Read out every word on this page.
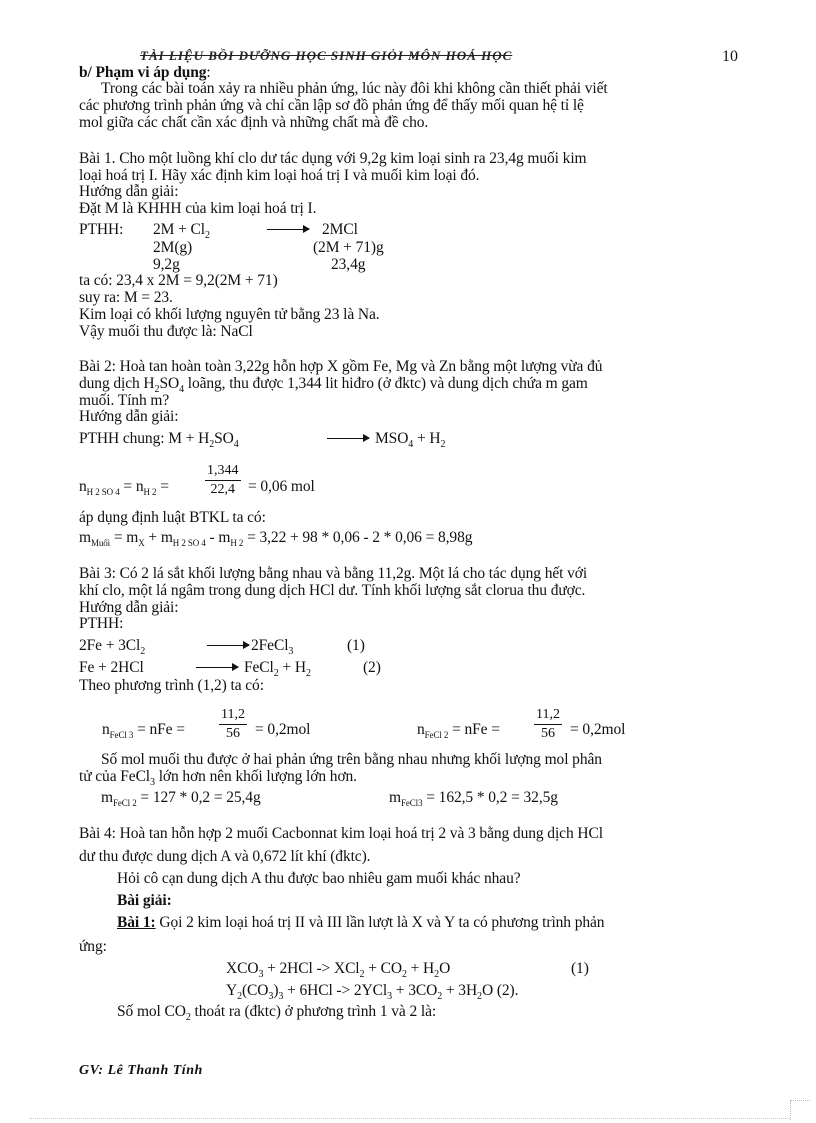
TÀI LIỆU BỒI DƯỠNG HỌC SINH GIỎI MÔN HOÁ HỌC	10
b/ Phạm vi áp dụng:
Trong các bài toán xảy ra nhiều phản ứng, lúc này đôi khi không cần thiết phải viết
các phương trình phản ứng và chỉ cần lập sơ đồ phản ứng để thấy mối quan hệ tỉ lệ
mol giữa các chất cần xác định và những chất mà đề cho.
Bài 1. Cho một luồng khí clo dư tác dụng với 9,2g kim loại sinh ra 23,4g muối kim
loại hoá trị I. Hãy xác định kim loại hoá trị I và muối kim loại đó.
Hướng dẫn giải:
Đặt M là KHHH của kim loại hoá trị I.
PTHH: $2M + Cl_2 \to 2MCl$
2M(g)	(2M + 71)g
9,2g	23,4g
ta có: 23,4 x 2M = 9,2(2M + 71)
suy ra: M = 23.
Kim loại có khối lượng nguyên tử bằng 23 là Na.
Vậy muối thu được là: NaCl
Bài 2: Hoà tan hoàn toàn 3,22g hỗn hợp X gồm Fe, Mg và Zn bằng một lượng vừa đủ
dung dịch $H_2SO_4$ loãng, thu được 1,344 lit hiđro (ở đktc) và dung dịch chứa m gam
muối. Tính m?
Hướng dẫn giải:
PTHH chung: $M + H_2SO_4 \to MSO_4 + H_2$
$n_{H 2 SO 4} = n_{H 2}$ =	$\frac{1,344}{22,4} = 0,06$ mol
áp dụng định luật BTKL ta có:
$m_{Muối} = m_X + m_{H 2 SO 4} - m_{H 2} = 3,22 + 98 * 0,06 - 2 * 0,06 = 8,98g$
Bài 3: Có 2 lá sắt khối lượng bằng nhau và bằng 11,2g. Một lá cho tác dụng hết với
khí clo, một lá ngâm trong dung dịch HCl dư. Tính khối lượng sắt clorua thu được.
Hướng dẫn giải:
PTHH:
$2Fe + 3Cl_2$ → 2FeCl$_3$	(1)
Fe + 2HCl	→ FeCl$_2$ + $H_2$	(2)
Theo phương trình (1,2) ta có:
$n_{FeCl 3}$ = nFe = $\frac{11,2}{56} = 0,2mol$	$n_{FeCl 2}$ = nFe = $\frac{11,2}{56} = 0,2mol$
Số mol muối thu được ở hai phản ứng trên bằng nhau nhưng khối lượng mol phân
tử của FeCl$_3$ lớn hơn nên khối lượng lớn hơn.
$m_{FeCl 2} = 127 * 0,2 = 25,4g$	$m_{FeCl3} = 162,5 * 0,2 = 32,5g$
Bài 4: Hoà tan hỗn hợp 2 muối Cacbonnat kim loại hoá trị 2 và 3 bằng dung dịch HCl
dư thu được dung dịch A và 0,672 lít khí (đktc).
Hỏi cô cạn dung dịch A thu được bao nhiêu gam muối khác nhau?
Bài giải:
Bài 1: Gọi 2 kim loại hoá trị II và III lần lượt là X và Y ta có phương trình phản
ứng:
$XCO_3 + 2HCl -> XCl_2 + CO_2 + H_2O$	(1)
$Y_2(CO_3)_3 + 6HCl -> 2YCl_3 + 3CO_2 + 3H_2O$ (2).
Số mol $CO_2$ thoát ra (đktc) ở phương trình 1 và 2 là:
GV: Lê Thanh Tính
